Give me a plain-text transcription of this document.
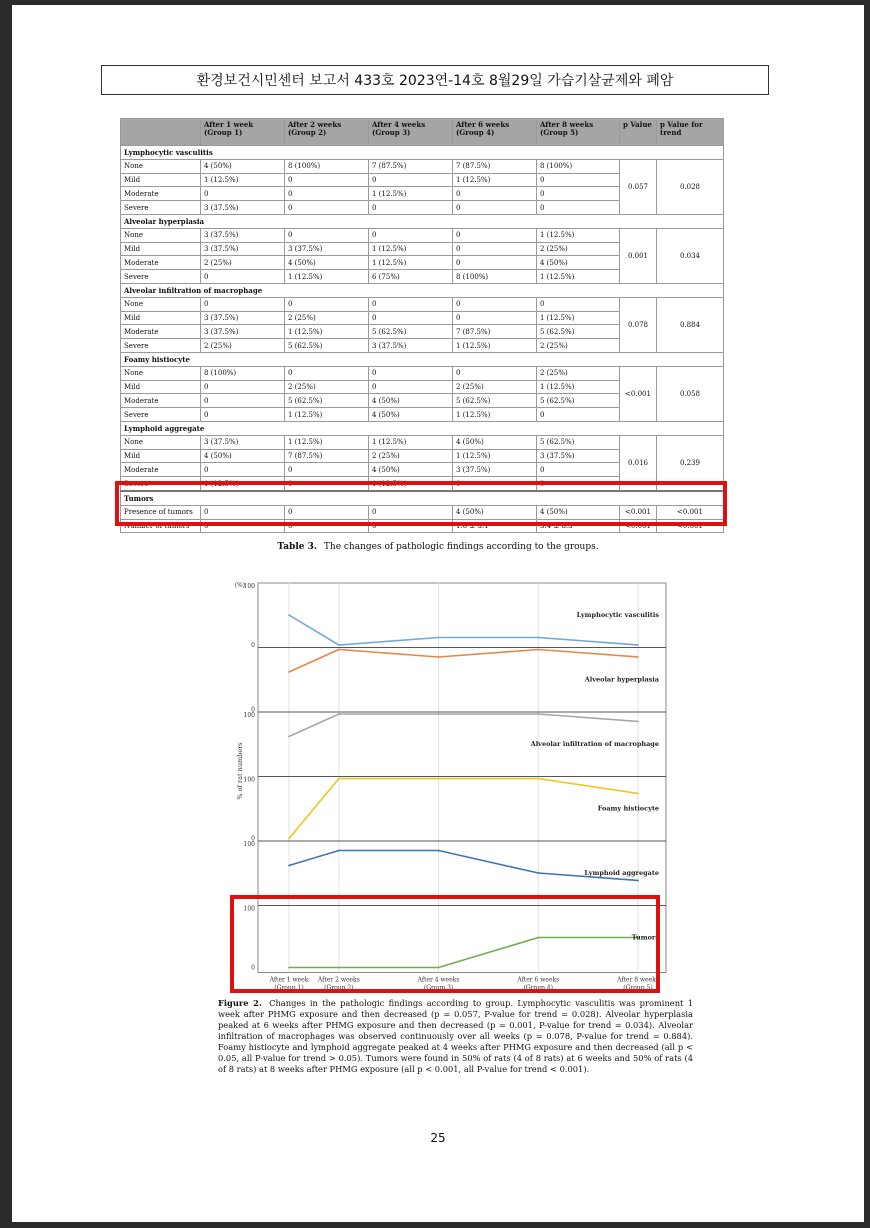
환경보건시민센터 보고서 433호 2023연-14호 8월29일 가습기살균제와 폐암
	After 1 week (Group 1)	After 2 weeks (Group 2)	After 4 weeks (Group 3)	After 6 weeks (Group 4)	After 8 weeks (Group 5)	p Value	p Value for trend
Lymphocytic vasculitis							
None	4 (50%)	8 (100%)	7 (87.5%)	7 (87.5%)	8 (100%)	0.057	0.028
Mild	1 (12.5%)	0	0	1 (12.5%)	0		
Moderate	0	0	1 (12.5%)	0	0		
Severe	3 (37.5%)	0	0	0	0		
Alveolar hyperplasia							
None	3 (37.5%)	0	0	0	1 (12.5%)	0.001	0.034
Mild	3 (37.5%)	3 (37.5%)	1 (12.5%)	0	2 (25%)		
Moderate	2 (25%)	4 (50%)	1 (12.5%)	0	4 (50%)		
Severe	0	1 (12.5%)	6 (75%)	8 (100%)	1 (12.5%)		
Alveolar infiltration of macrophage							
None	0	0	0	0	0	0.078	0.884
Mild	3 (37.5%)	2 (25%)	0	0	1 (12.5%)		
Moderate	3 (37.5%)	1 (12.5%)	5 (62.5%)	7 (87.5%)	5 (62.5%)		
Severe	2 (25%)	5 (62.5%)	3 (37.5%)	1 (12.5%)	2 (25%)		
Foamy histiocyte							
None	8 (100%)	0	0	0	2 (25%)	<0.001	0.058
Mild	0	2 (25%)	0	2 (25%)	1 (12.5%)		
Moderate	0	5 (62.5%)	4 (50%)	5 (62.5%)	5 (62.5%)		
Severe	0	1 (12.5%)	4 (50%)	1 (12.5%)	0		
Lymphoid aggregate							
None	3 (37.5%)	1 (12.5%)	1 (12.5%)	4 (50%)	5 (62.5%)	0.016	0.239
Mild	4 (50%)	7 (87.5%)	2 (25%)	1 (12.5%)	3 (37.5%)		
Moderate	0	0	4 (50%)	3 (37.5%)	0		
Severe	1 (12.5%)	0	1 (12.5%)	0	0		
Tumors							
Presence of tumors	0	0	0	4 (50%)	4 (50%)	<0.001	<0.001
Number of tumors	0	0	0	1.6 ± 3.1	3.4 ± 8.3	<0.001	<0.001
Table 3. The changes of pathologic findings according to the groups.
100
0
Lymphocytic vasculitis
0
Alveolar hyperplasia
100
Alveolar infiltration of macrophage
100
0
Foamy histiocyte
100
Lymphoid aggregate
100
0
Tumors
(%)
% of rat numbers
After 1 week
(Group 1)
After 2 weeks
(Group 2)
After 4 weeks
(Group 3)
After 6 weeks
(Group 4)
After 8 weeks
(Group 5)
Figure 2. Changes in the pathologic findings according to group. Lymphocytic vasculitis was prominent 1 week after PHMG exposure and then decreased (p = 0.057, P-value for trend = 0.028). Alveolar hyperplasia peaked at 6 weeks after PHMG exposure and then decreased (p = 0.001, P-value for trend = 0.034). Alveolar infiltration of macrophages was observed continuously over all weeks (p = 0.078, P-value for trend = 0.884). Foamy histiocyte and lymphoid aggregate peaked at 4 weeks after PHMG exposure and then decreased (all p < 0.05, all P-value for trend > 0.05). Tumors were found in 50% of rats (4 of 8 rats) at 6 weeks and 50% of rats (4 of 8 rats) at 8 weeks after PHMG exposure (all p < 0.001, all P-value for trend < 0.001).
25
